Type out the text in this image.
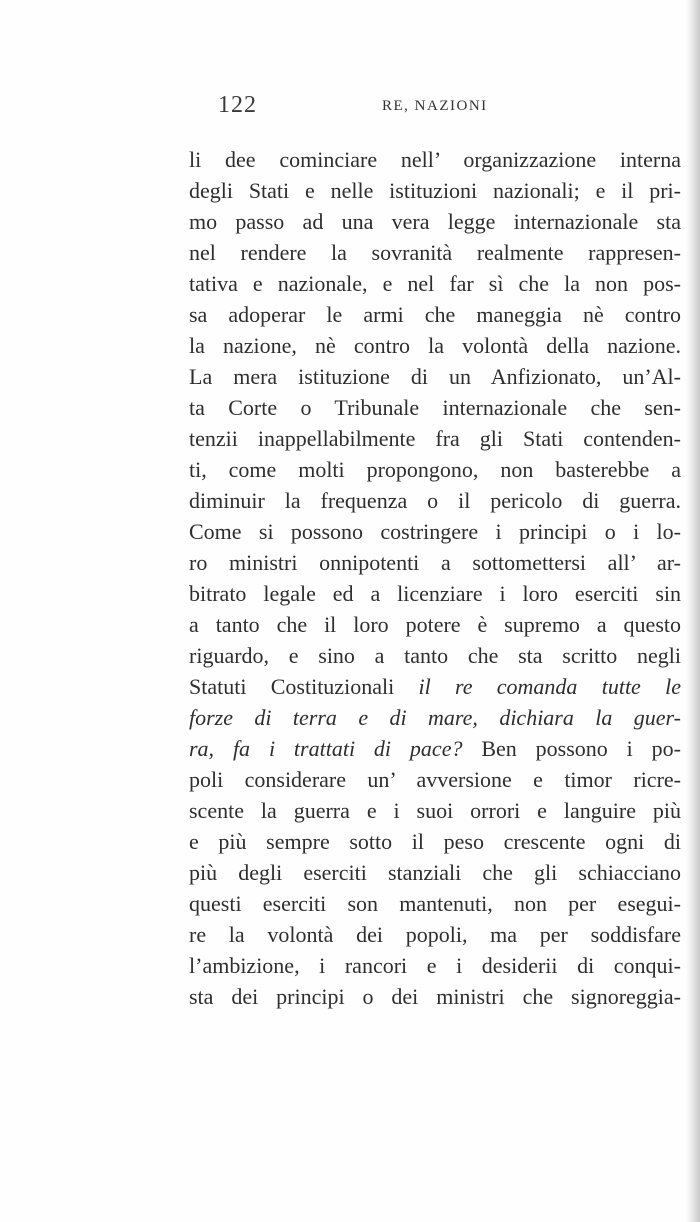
122	RE, NAZIONI
li dee cominciare nell’ organizzazione interna
degli Stati e nelle istituzioni nazionali; e il pri-
mo passo ad una vera legge internazionale sta
nel rendere la sovranità realmente rappresen-
tativa e nazionale, e nel far sì che la non pos-
sa adoperar le armi che maneggia nè contro
la nazione, nè contro la volontà della nazione.
La mera istituzione di un Anfizionato, un’Al-
ta Corte o Tribunale internazionale che sen-
tenzii inappellabilmente fra gli Stati contenden-
ti, come molti propongono, non basterebbe a
diminuir la frequenza o il pericolo di guerra.
Come si possono costringere i principi o i lo-
ro ministri onnipotenti a sottomettersi all’ ar-
bitrato legale ed a licenziare i loro eserciti sin
a tanto che il loro potere è supremo a questo
riguardo, e sino a tanto che sta scritto negli
Statuti Costituzionali il re comanda tutte le
forze di terra e di mare, dichiara la guer-
ra, fa i trattati di pace? Ben possono i po-
poli considerare un’ avversione e timor ricre-
scente la guerra e i suoi orrori e languire più
e più sempre sotto il peso crescente ogni di
più degli eserciti stanziali che gli schiacciano
questi eserciti son mantenuti, non per esegui-
re la volontà dei popoli, ma per soddisfare
l’ambizione, i rancori e i desiderii di conqui-
sta dei principi o dei ministri che signoreggia-
